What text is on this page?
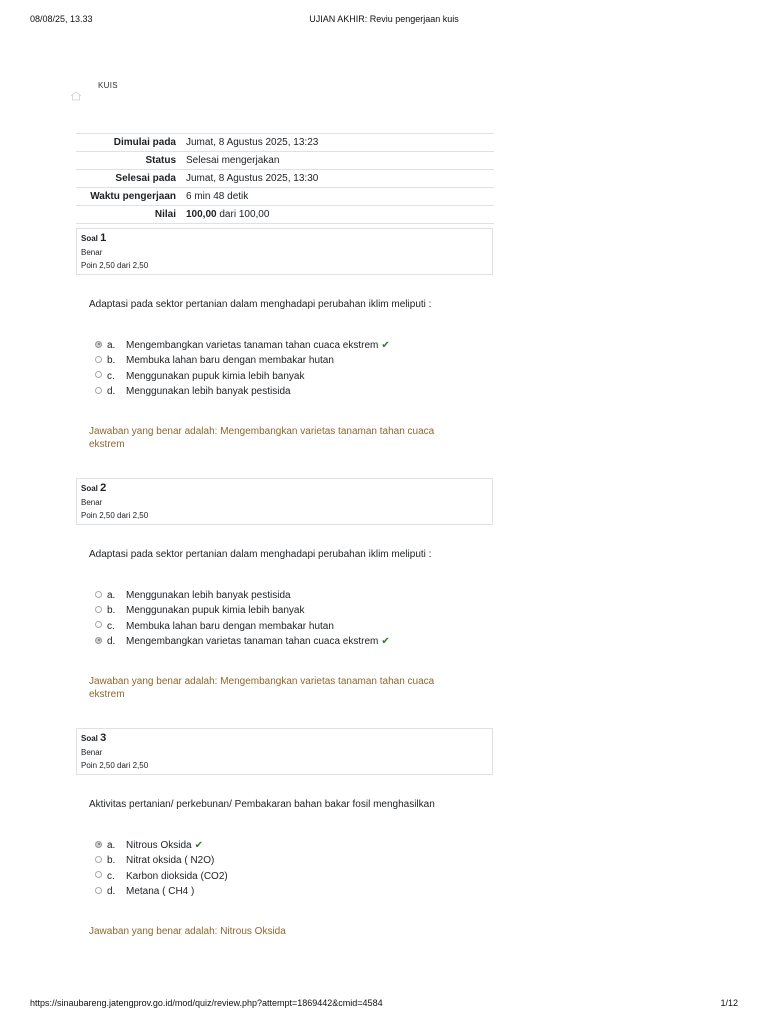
08/08/25, 13.33	UJIAN AKHIR: Reviu pengerjaan kuis
KUIS
Dimulai pada	Jumat, 8 Agustus 2025, 13:23
Status	Selesai mengerjakan
Selesai pada	Jumat, 8 Agustus 2025, 13:30
Waktu pengerjaan	6 min 48 detik
Nilai	100,00 dari 100,00
Soal 1
Benar
Poin 2,50 dari 2,50
Adaptasi pada sektor pertanian dalam menghadapi perubahan iklim meliputi :
a. Mengembangkan varietas tanaman tahan cuaca ekstrem ✔
b. Membuka lahan baru dengan membakar hutan
c. Menggunakan pupuk kimia lebih banyak
d. Menggunakan lebih banyak pestisida
Jawaban yang benar adalah: Mengembangkan varietas tanaman tahan cuaca ekstrem
Soal 2
Benar
Poin 2,50 dari 2,50
Adaptasi pada sektor pertanian dalam menghadapi perubahan iklim meliputi :
a. Menggunakan lebih banyak pestisida
b. Menggunakan pupuk kimia lebih banyak
c. Membuka lahan baru dengan membakar hutan
d. Mengembangkan varietas tanaman tahan cuaca ekstrem ✔
Jawaban yang benar adalah: Mengembangkan varietas tanaman tahan cuaca ekstrem
Soal 3
Benar
Poin 2,50 dari 2,50
Aktivitas pertanian/ perkebunan/ Pembakaran bahan bakar fosil menghasilkan
a. Nitrous Oksida ✔
b. Nitrat oksida ( N2O)
c. Karbon dioksida (CO2)
d. Metana ( CH4 )
Jawaban yang benar adalah: Nitrous Oksida
https://sinaubareng.jatengprov.go.id/mod/quiz/review.php?attempt=1869442&cmid=4584	1/12
